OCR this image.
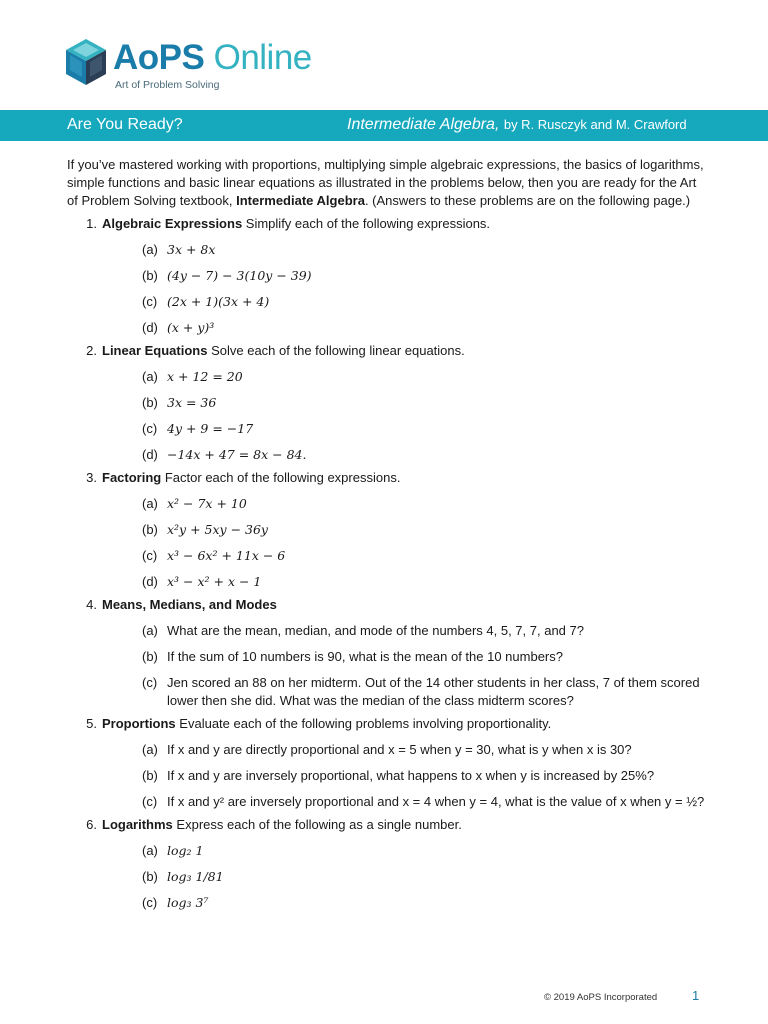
AoPS Online
Art of Problem Solving
Are You Ready?	Intermediate Algebra, by R. Rusczyk and M. Crawford

If you’ve mastered working with proportions, multiplying simple algebraic expressions, the basics of logarithms, simple functions and basic linear equations as illustrated in the problems below, then you are ready for the Art of Problem Solving textbook, Intermediate Algebra. (Answers to these problems are on the following page.)

1. Algebraic Expressions Simplify each of the following expressions.
(a) 3x + 8x
(b) (4y − 7) − 3(10y − 39)
(c) (2x + 1)(3x + 4)
(d) (x + y)³
2. Linear Equations Solve each of the following linear equations.
(a) x + 12 = 20
(b) 3x = 36
(c) 4y + 9 = −17
(d) −14x + 47 = 8x − 84.
3. Factoring Factor each of the following expressions.
(a) x² − 7x + 10
(b) x²y + 5xy − 36y
(c) x³ − 6x² + 11x − 6
(d) x³ − x² + x − 1
4. Means, Medians, and Modes
(a) What are the mean, median, and mode of the numbers 4, 5, 7, 7, and 7?
(b) If the sum of 10 numbers is 90, what is the mean of the 10 numbers?
(c) Jen scored an 88 on her midterm. Out of the 14 other students in her class, 7 of them scored lower then she did. What was the median of the class midterm scores?
5. Proportions Evaluate each of the following problems involving proportionality.
(a) If x and y are directly proportional and x = 5 when y = 30, what is y when x is 30?
(b) If x and y are inversely proportional, what happens to x when y is increased by 25%?
(c) If x and y² are inversely proportional and x = 4 when y = 4, what is the value of x when y = ½?
6. Logarithms Express each of the following as a single number.
(a) log₂ 1
(b) log₃ 1/81
(c) log₃ 3⁷
© 2019 AoPS Incorporated	1
